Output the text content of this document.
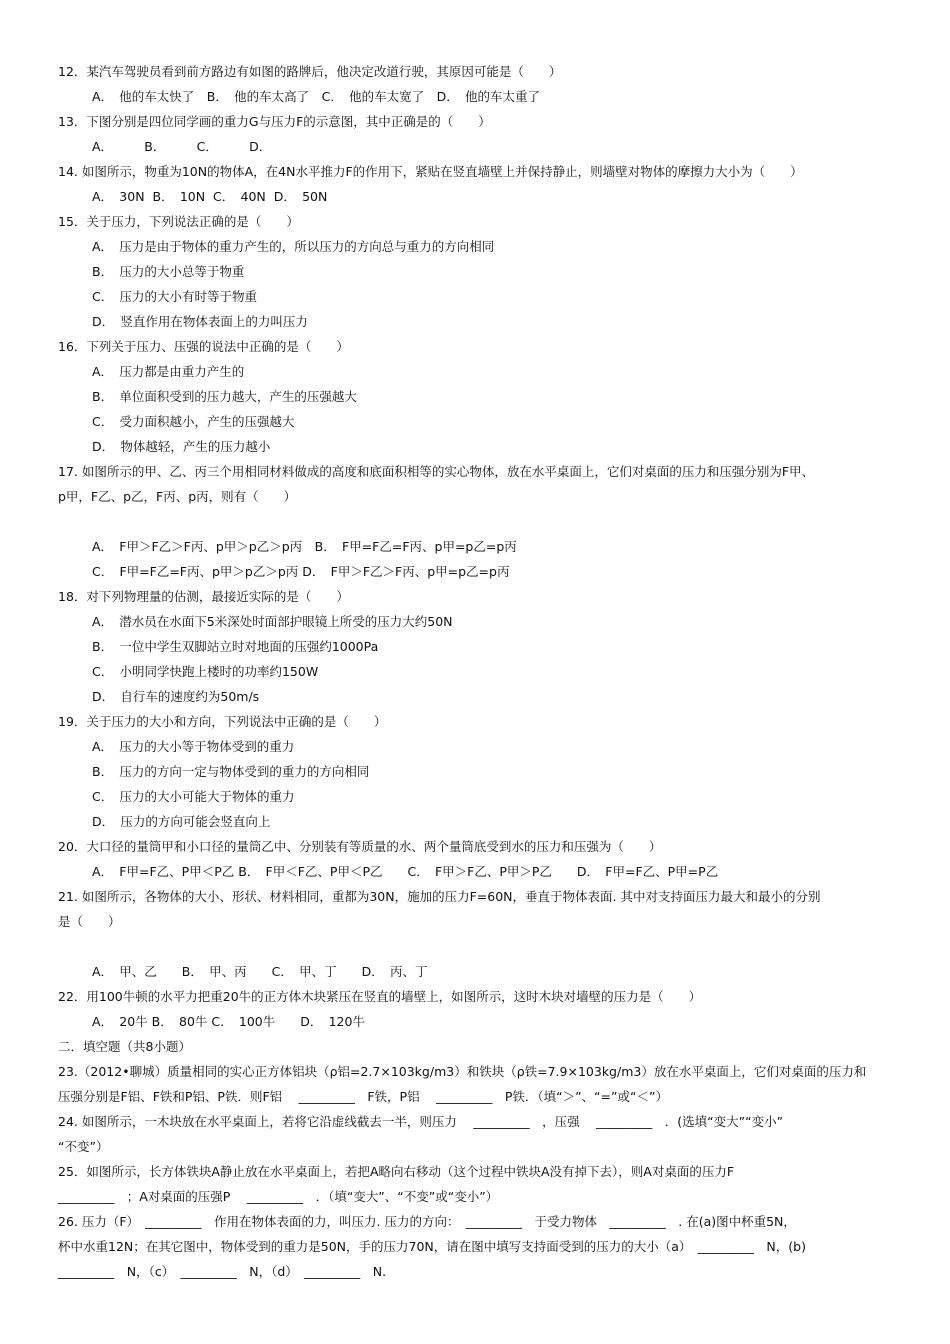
12．某汽车驾驶员看到前方路边有如图的路牌后，他决定改道行驶，其原因可能是（　　）
A．　他的车太快了　B．　他的车太高了　C．　他的车太宽了　D．　他的车太重了
13．下图分别是四位同学画的重力G与压力F的示意图，其中正确是的（　　）
A．　　　B．　　　C．　　　D．
14. 如图所示，物重为10N的物体A，在4N水平推力F的作用下，紧贴在竖直墙壁上并保持静止，则墙壁对物体的摩擦力大小为（　　）
A．　30N  B．　10N  C．　40N  D．　50N
15．关于压力，下列说法正确的是（　　）
A．　压力是由于物体的重力产生的，所以压力的方向总与重力的方向相同
B．　压力的大小总等于物重
C．　压力的大小有时等于物重
D．　竖直作用在物体表面上的力叫压力
16．下列关于压力、压强的说法中正确的是（　　）
A．　压力都是由重力产生的
B．　单位面积受到的压力越大，产生的压强越大
C．　受力面积越小，产生的压强越大
D．　物体越轻，产生的压力越小
17. 如图所示的甲、乙、丙三个用相同材料做成的高度和底面积相等的实心物体，放在水平桌面上，它们对桌面的压力和压强分别为F甲、
p甲，F乙、p乙，F丙、p丙，则有（　　）
A．　F甲＞F乙＞F丙、p甲＞p乙＞p丙　B．　F甲=F乙=F丙、p甲=p乙=p丙
C．　F甲=F乙=F丙、p甲＞p乙＞p丙 D．　F甲＞F乙＞F丙、p甲=p乙=p丙
18．对下列物理量的估测，最接近实际的是（　　）
A．　潜水员在水面下5米深处时面部护眼镜上所受的压力大约50N
B．　一位中学生双脚站立时对地面的压强约1000Pa
C．　小明同学快跑上楼时的功率约150W
D．　自行车的速度约为50m/s
19．关于压力的大小和方向，下列说法中正确的是（　　）
A．　压力的大小等于物体受到的重力
B．　压力的方向一定与物体受到的重力的方向相同
C．　压力的大小可能大于物体的重力
D．　压力的方向可能会竖直向上
20．大口径的量筒甲和小口径的量筒乙中、分别装有等质量的水、两个量筒底受到水的压力和压强为（　　）
A．　F甲=F乙、P甲＜P乙 B．　F甲＜F乙、P甲＜P乙　　C．　F甲＞F乙、P甲＞P乙　　D．　F甲=F乙、P甲=P乙
21. 如图所示，各物体的大小、形状、材料相同，重都为30N，施加的压力F=60N，垂直于物体表面. 其中对支持面压力最大和最小的分别
是（　　）
A．　甲、乙　　B．　甲、丙　　C．　甲、丁　　D．　丙、丁
22．用100牛顿的水平力把重20牛的正方体木块紧压在竖直的墙壁上，如图所示，这时木块对墙壁的压力是（　　）
A．　20牛 B．　80牛 C．　100牛　　D．　120牛
二．填空题（共8小题）
23.（2012•聊城）质量相同的实心正方体铝块（ρ铝=2.7×103kg/m3）和铁块（ρ铁=7.9×103kg/m3）放在水平桌面上，它们对桌面的压力和
压强分别是F铝、F铁和P铝、P铁．则F铝　 _________　F铁，P铝　 _________　P铁．（填“＞”、“=”或“＜”）
24. 如图所示，一木块放在水平桌面上，若将它沿虚线截去一半，则压力　 _________　，压强　 _________　．(选填“变大”“变小”
“不变”）
25．如图所示，长方体铁块A静止放在水平桌面上，若把A略向右移动（这个过程中铁块A没有掉下去），则A对桌面的压力F
_________　；A对桌面的压强P　 _________　．（填“变大”、“不变”或“变小”）
26. 压力（F）　_________　作用在物体表面的力，叫压力. 压力的方向：　_________　于受力物体　_________　. 在(a)图中杯重5N，
杯中水重12N；在其它图中，物体受到的重力是50N，手的压力70N，请在图中填写支持面受到的压力的大小（a）　_________　N，(b)
_________　N，（c）　_________　N，（d）　_________　N.
